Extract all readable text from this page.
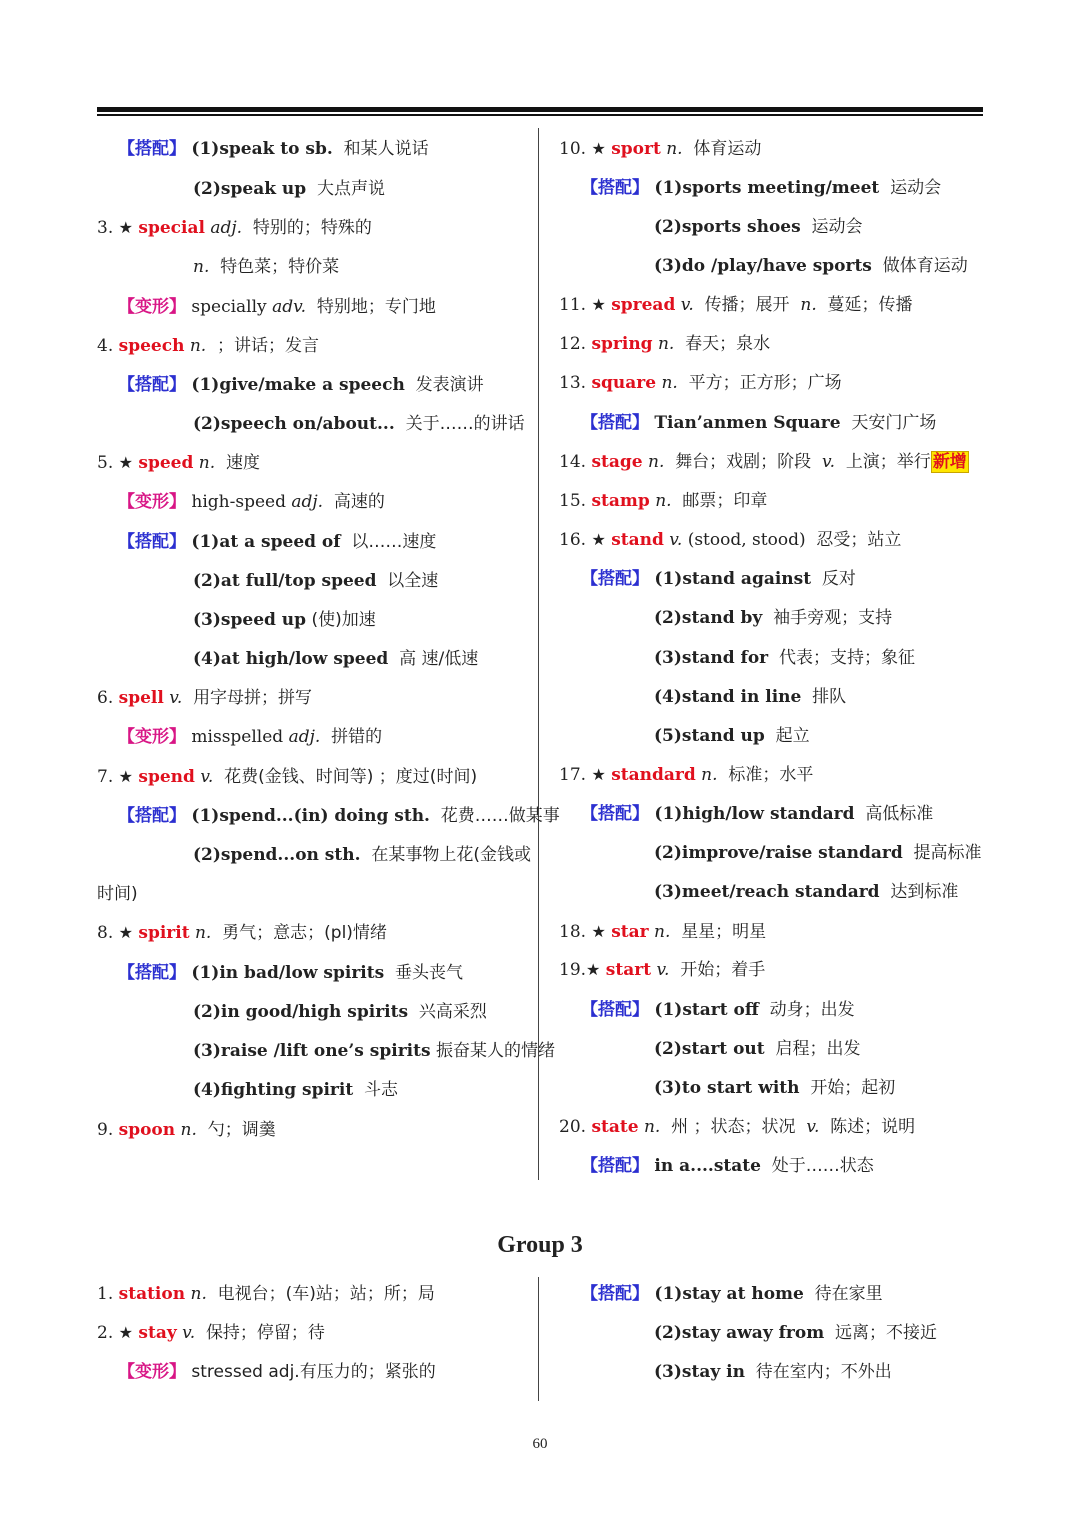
【搭配】 (1)speak to sb. 和某人说话
(2)speak up 大点声说
3. ★ special adj. 特别的；特殊的
n. 特色菜；特价菜
【变形】 specially adv. 特别地；专门地
4. speech n. ；讲话；发言
【搭配】 (1)give/make a speech 发表演讲
(2)speech on/about... 关于……的讲话
5. ★ speed n. 速度
【变形】 high-speed adj. 高速的
【搭配】 (1)at a speed of 以……速度
(2)at full/top speed 以全速
(3)speed up (使)加速
(4)at high/low speed 高 速/低速
6. spell v. 用字母拼；拼写
【变形】 misspelled adj. 拼错的
7. ★ spend v. 花费(金钱、时间等) ；度过(时间)
【搭配】 (1)spend...(in) doing sth. 花费……做某事
(2)spend...on sth. 在某事物上花(金钱或
时间)
8. ★ spirit n. 勇气；意志；(pl)情绪
【搭配】 (1)in bad/low spirits 垂头丧气
(2)in good/high spirits 兴高采烈
(3)raise /lift one’s spirits 振奋某人的情绪
(4)fighting spirit 斗志
9. spoon n. 勺；调羹
10. ★ sport n. 体育运动
【搭配】 (1)sports meeting/meet 运动会
(2)sports shoes 运动会
(3)do /play/have sports 做体育运动
11. ★ spread v. 传播；展开 n. 蔓延；传播
12. spring n. 春天；泉水
13. square n. 平方；正方形；广场
【搭配】 Tian’anmen Square 天安门广场
14. stage n. 舞台；戏剧；阶段 v. 上演；举行 新增
15. stamp n. 邮票；印章
16. ★ stand v. (stood, stood) 忍受；站立
【搭配】 (1)stand against 反对
(2)stand by 袖手旁观；支持
(3)stand for 代表；支持；象征
(4)stand in line 排队
(5)stand up 起立
17. ★ standard n. 标准；水平
【搭配】 (1)high/low standard 高低标准
(2)improve/raise standard 提高标准
(3)meet/reach standard 达到标准
18. ★ star n. 星星；明星
19.★ start v. 开始；着手
【搭配】 (1)start off 动身；出发
(2)start out 启程；出发
(3)to start with 开始；起初
20. state n. 州 ；状态；状况 v. 陈述；说明
【搭配】 in a....state 处于……状态
Group 3
1. station n. 电视台；(车)站；站；所；局
2. ★ stay v. 保持；停留；待
【变形】 stressed adj.有压力的；紧张的
【搭配】 (1)stay at home 待在家里
(2)stay away from 远离；不接近
(3)stay in 待在室内；不外出
60
